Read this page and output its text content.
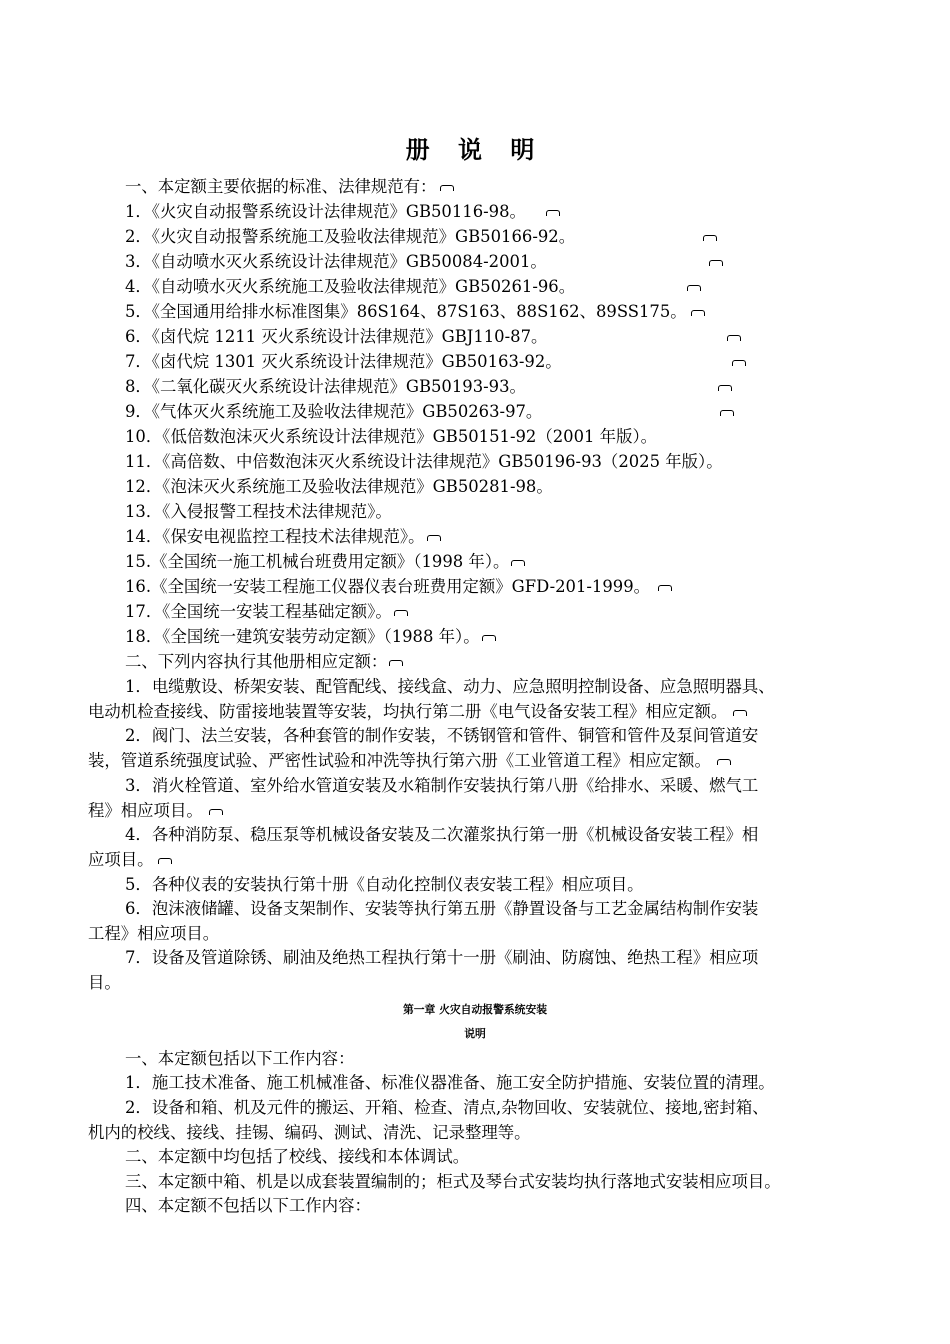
册 说 明
一、本定额主要依据的标准、法律规范有：
1．《火灾自动报警系统设计法律规范》GB50116-98。
2．《火灾自动报警系统施工及验收法律规范》GB50166-92。
3．《自动喷水灭火系统设计法律规范》GB50084-2001。
4．《自动喷水灭火系统施工及验收法律规范》GB50261-96。
5．《全国通用给排水标准图集》86S164、87S163、88S162、89SS175。
6．《卤代烷 1211 灭火系统设计法律规范》GBJ110-87。
7．《卤代烷 1301 灭火系统设计法律规范》GB50163-92。
8．《二氧化碳灭火系统设计法律规范》GB50193-93。
9．《气体灭火系统施工及验收法律规范》GB50263-97。
10．《低倍数泡沫灭火系统设计法律规范》GB50151-92（2001 年版）。
11．《高倍数、中倍数泡沫灭火系统设计法律规范》GB50196-93（2025 年版）。
12．《泡沫灭火系统施工及验收法律规范》GB50281-98。
13．《入侵报警工程技术法律规范》。
14．《保安电视监控工程技术法律规范》。
15.《全国统一施工机械台班费用定额》（1998 年）。
16.《全国统一安装工程施工仪器仪表台班费用定额》GFD-201-1999。
17．《全国统一安装工程基础定额》。
18．《全国统一建筑安装劳动定额》（1988 年）。
二、下列内容执行其他册相应定额：
1．电缆敷设、桥架安装、配管配线、接线盒、动力、应急照明控制设备、应急照明器具、
电动机检查接线、防雷接地装置等安装，均执行第二册《电气设备安装工程》相应定额。
2．阀门、法兰安装，各种套管的制作安装，不锈钢管和管件、铜管和管件及泵间管道安
装，管道系统强度试验、严密性试验和冲洗等执行第六册《工业管道工程》相应定额。
3．消火栓管道、室外给水管道安装及水箱制作安装执行第八册《给排水、采暖、燃气工
程》相应项目。
4．各种消防泵、稳压泵等机械设备安装及二次灌浆执行第一册《机械设备安装工程》相
应项目。
5．各种仪表的安装执行第十册《自动化控制仪表安装工程》相应项目。
6．泡沫液储罐、设备支架制作、安装等执行第五册《静置设备与工艺金属结构制作安装
工程》相应项目。
7．设备及管道除锈、刷油及绝热工程执行第十一册《刷油、防腐蚀、绝热工程》相应项
目。
第一章 火灾自动报警系统安装
说明
一、本定额包括以下工作内容：
1．施工技术准备、施工机械准备、标准仪器准备、施工安全防护措施、安装位置的清理。
2．设备和箱、机及元件的搬运、开箱、检查、清点,杂物回收、安装就位、接地,密封箱、
机内的校线、接线、挂锡、编码、测试、清洗、记录整理等。
二、本定额中均包括了校线、接线和本体调试。
三、本定额中箱、机是以成套装置编制的；柜式及琴台式安装均执行落地式安装相应项目。
四、本定额不包括以下工作内容：
